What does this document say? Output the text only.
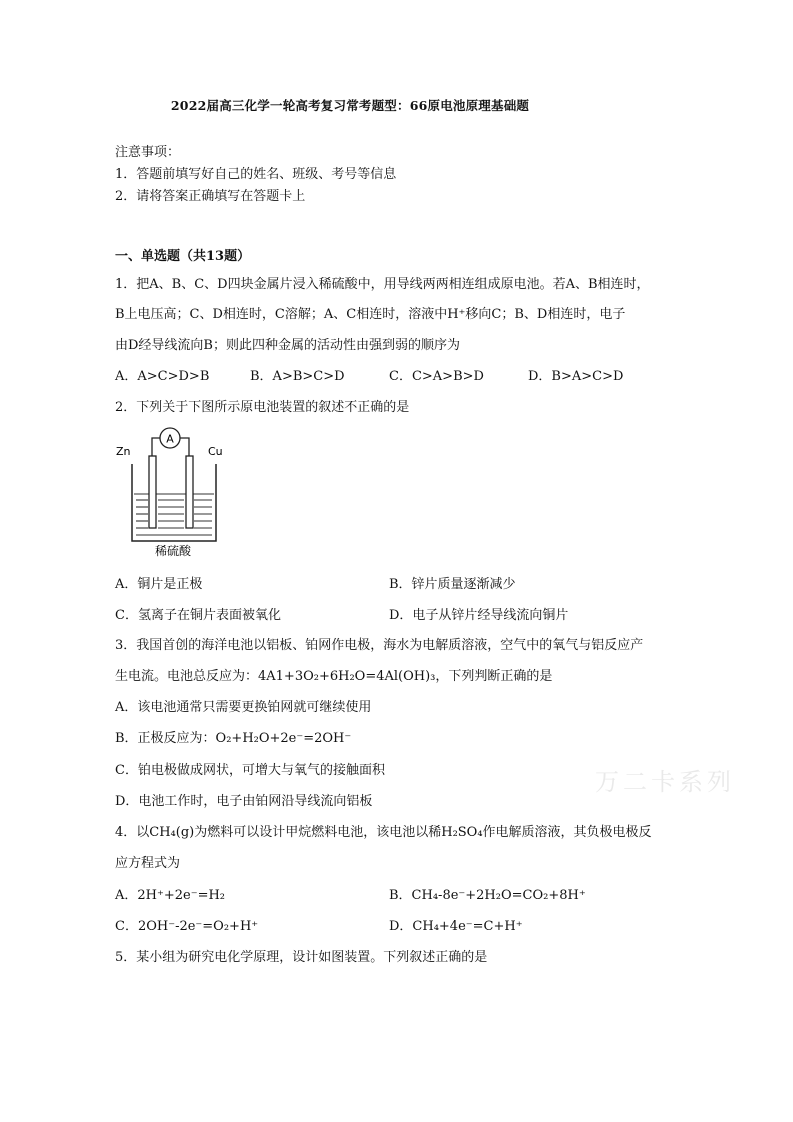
2022届高三化学一轮高考复习常考题型：66原电池原理基础题
注意事项：
1．答题前填写好自己的姓名、班级、考号等信息
2．请将答案正确填写在答题卡上
一、单选题（共13题）
1．把A、B、C、D四块金属片浸入稀硫酸中，用导线两两相连组成原电池。若A、B相连时，
B上电压高；C、D相连时，C溶解；A、C相连时，溶液中H⁺移向C；B、D相连时，电子
由D经导线流向B；则此四种金属的活动性由强到弱的顺序为
A．A>C>D>B	B．A>B>C>D	C．C>A>B>D	D．B>A>C>D
2．下列关于下图所示原电池装置的叙述不正确的是
A
Zn	Cu
稀硫酸
A．铜片是正极	B．锌片质量逐渐减少
C．氢离子在铜片表面被氧化	D．电子从锌片经导线流向铜片
3．我国首创的海洋电池以铝板、铂网作电极，海水为电解质溶液，空气中的氧气与铝反应产
生电流。电池总反应为：4A1+3O₂+6H₂O=4Al(OH)₃，下列判断正确的是
A．该电池通常只需要更换铂网就可继续使用
B．正极反应为：O₂+H₂O+2e⁻=2OH⁻
C．铂电极做成网状，可增大与氧气的接触面积
D．电池工作时，电子由铂网沿导线流向铝板
4．以CH₄(g)为燃料可以设计甲烷燃料电池，该电池以稀H₂SO₄作电解质溶液，其负极电极反
应方程式为
A．2H⁺+2e⁻=H₂	B．CH₄-8e⁻+2H₂O=CO₂+8H⁺
C．2OH⁻-2e⁻=O₂+H⁺	D．CH₄+4e⁻=C+H⁺
5．某小组为研究电化学原理，设计如图装置。下列叙述正确的是
万二卡系列
